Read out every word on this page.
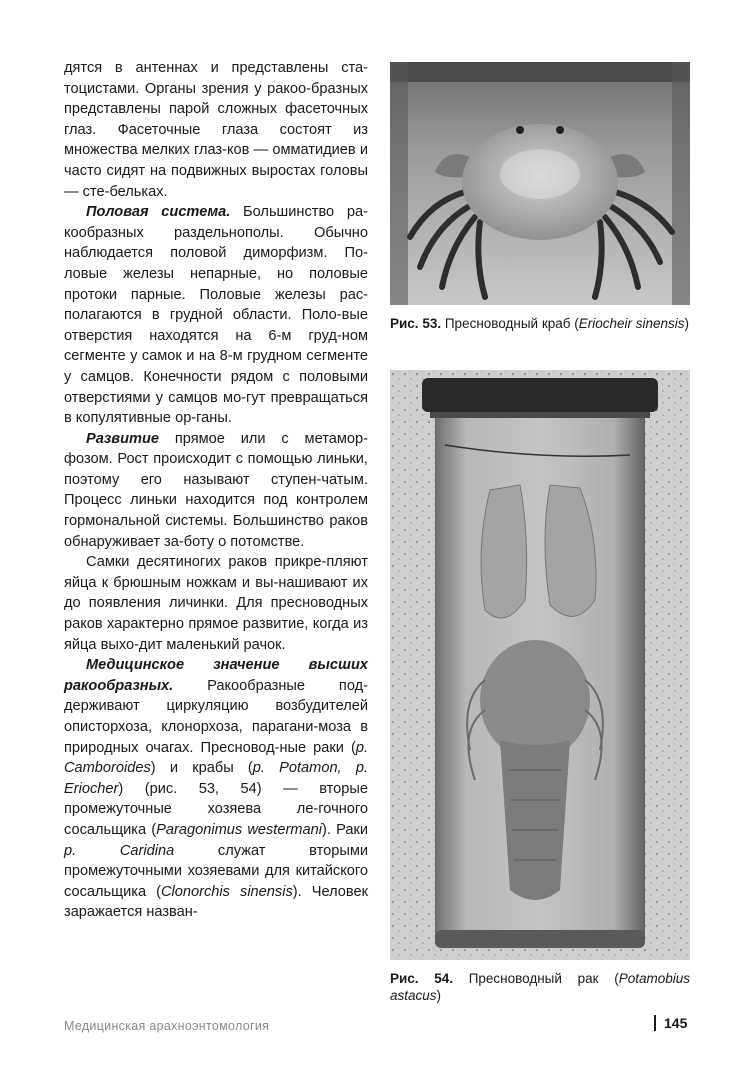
дятся в антеннах и представлены ста-тоцистами. Органы зрения у ракоо-бразных представлены парой сложных фасеточных глаз. Фасеточные глаза состоят из множества мелких глаз-ков — омматидиев и часто сидят на подвижных выростах головы — сте-бельках.

Половая система. Большинство ра-кообразных раздельнополы. Обычно наблюдается половой диморфизм. По-ловые железы непарные, но половые протоки парные. Половые железы рас-полагаются в грудной области. Поло-вые отверстия находятся на 6-м груд-ном сегменте у самок и на 8-м грудном сегменте у самцов. Конечности рядом с половыми отверстиями у самцов мо-гут превращаться в копулятивные ор-ганы.

Развитие прямое или с метамор-фозом. Рост происходит с помощью линьки, поэтому его называют ступен-чатым. Процесс линьки находится под контролем гормональной системы. Большинство раков обнаруживает за-боту о потомстве.

Самки десятиногих раков прикре-пляют яйца к брюшным ножкам и вы-нашивают их до появления личинки. Для пресноводных раков характерно прямое развитие, когда из яйца выхо-дит маленький рачок.

Медицинское значение высших ракообразных. Ракообразные под-держивают циркуляцию возбудителей описторхоза, клонорхоза, парагани-моза в природных очагах. Пресновод-ные раки (p. Camboroides) и крабы (p. Potamon, p. Eriocher) (рис. 53, 54) — вторые промежуточные хозяева ле-гочного сосальщика (Paragonimus westermani). Раки p. Caridina служат вторыми промежуточными хозяевами для китайского сосальщика (Clonorchis sinensis). Человек заражается назван-

Рис. 53. Пресноводный краб (Eriocheir sinensis)
Рис. 54. Пресноводный рак (Potamobius astacus)
Медицинская арахноэнтомология	145
